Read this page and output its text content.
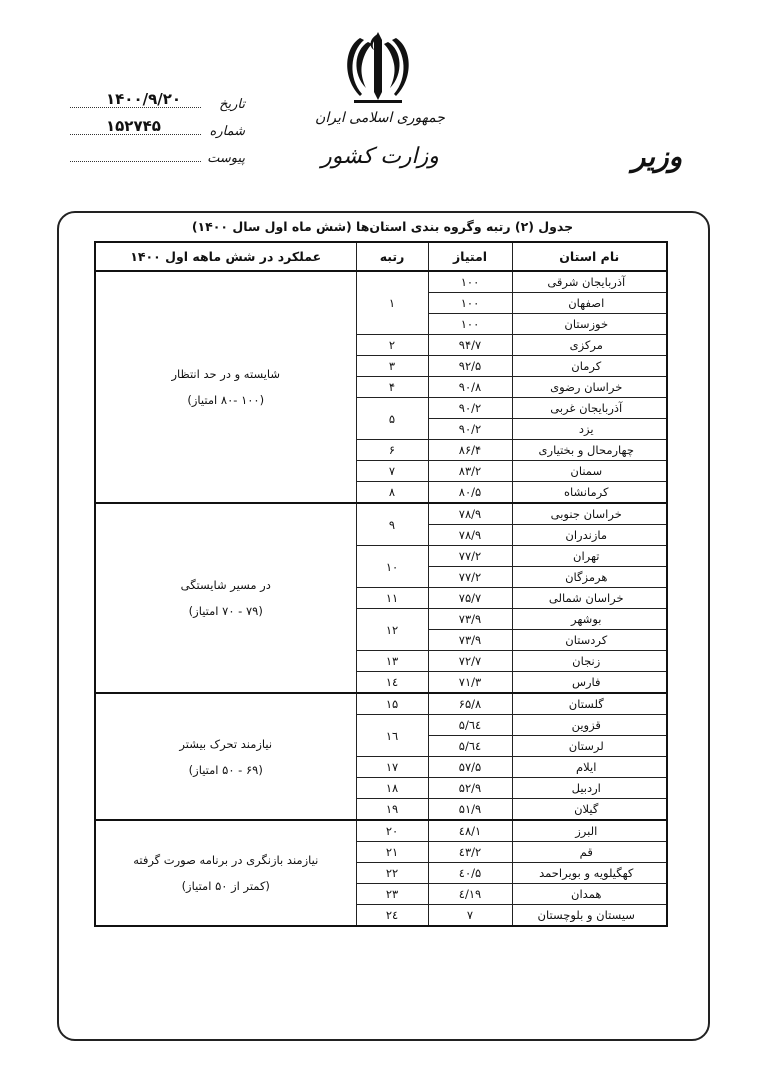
جمهوری اسلامی ایران
وزارت کشور	وزیر
۱۴۰۰/۹/۲۰	تاریخ
۱۵۲۷۴۵	شماره
پیوست
جدول (۲) رتبه وگروه بندی استان‌ها (شش ماه اول سال ۱۴۰۰)
نام استان	امتیاز	رتبه	عملکرد در شش ماهه اول ۱۴۰۰
آذربایجان شرقی	۱۰۰	۱	شایسته و در حد انتظار
(۱۰۰ -۸۰ امتیاز)

اصفهان	۱۰۰		
خوزستان	۱۰۰		
مرکزی	۹۴/۷	۲	
کرمان	۹۲/۵	۳	
خراسان رضوی	۹۰/۸	۴	
آذربایجان غربی	۹۰/۲	۵	
یزد	۹۰/۲		
چهارمحال و بختیاری	۸۶/۴	۶	
سمنان	۸۳/۲	۷	
کرمانشاه	۸۰/۵	۸	
خراسان جنوبی	۷۸/۹	۹	در مسیر شایستگی
(۷۹ - ۷۰ امتیاز)

مازندران	۷۸/۹		
تهران	۷۷/۲	۱۰	
هرمزگان	۷۷/۲		
خراسان شمالی	۷۵/۷	۱۱	
بوشهر	۷۳/۹	۱۲	
کردستان	۷۳/۹		
زنجان	۷۲/۷	۱۳	
فارس	۷۱/۳	۱٤	
گلستان	۶۵/۸	۱۵	نیازمند تحرک بیشتر
(۶۹ - ۵۰ امتیاز)

قزوین	٦٤/۵	۱٦	
لرستان	٦٤/۵		
ایلام	۵۷/۵	۱۷	
اردبیل	۵۲/۹	۱۸	
گیلان	۵۱/۹	۱۹	
البرز	٤۸/۱	۲۰	نیازمند بازنگری در برنامه صورت گرفته
(کمتر از ۵۰ امتیاز)

قم	٤۳/۲	۲۱	
کهگیلویه و بویراحمد	٤۰/۵	۲۲	
همدان	۱۹/٤	۲۳	
سیستان و بلوچستان	۷	۲٤	
